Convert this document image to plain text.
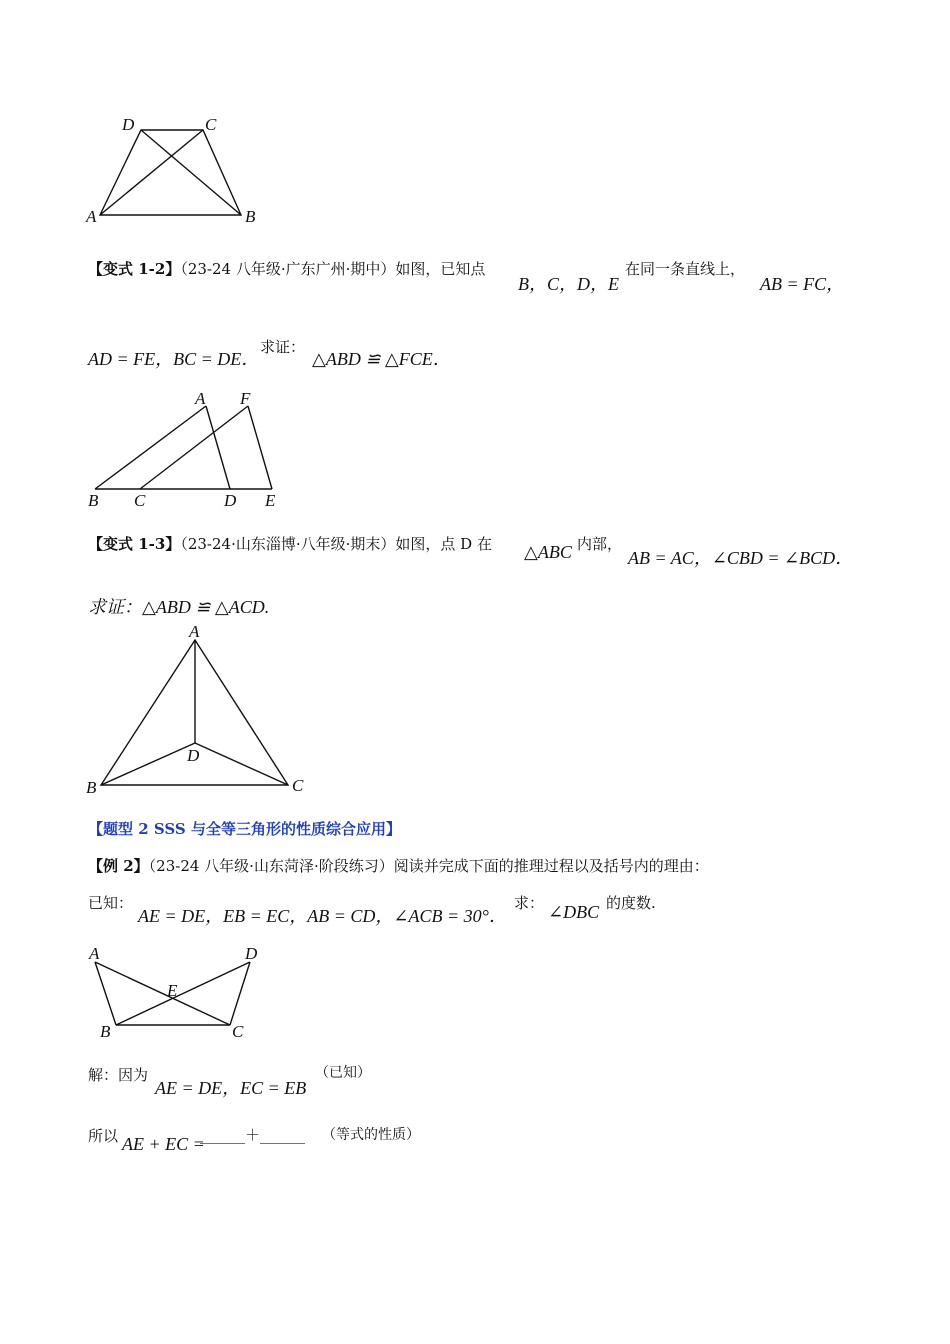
D	C
A	B
A F
B C	D E
A
D
B	C
A	D
E
B	C
【变式 1-2】（23-24 八年级·广东广州·期中）如图，已知点
B，C，D，E
在同一条直线上，
AB = FC，
AD = FE，BC = DE．
求证：
△ABD ≌ △FCE．
【变式 1-3】（23-24·山东淄博·八年级·期末）如图，点 D 在 △ABC 内部，
AB = AC，∠CBD = ∠BCD．
求证：△ABD ≌ △ACD.
【题型 2 SSS 与全等三角形的性质综合应用】
【例 2】（23-24 八年级·山东菏泽·阶段练习）阅读并完成下面的推理过程以及括号内的理由：
已知：
AE = DE，EB = EC，AB = CD，∠ACB = 30°．
求： ∠DBC 的度数.
解：因为
AE = DE，EC = EB
（已知）
所以 AE + EC =
______＋______ （等式的性质）
